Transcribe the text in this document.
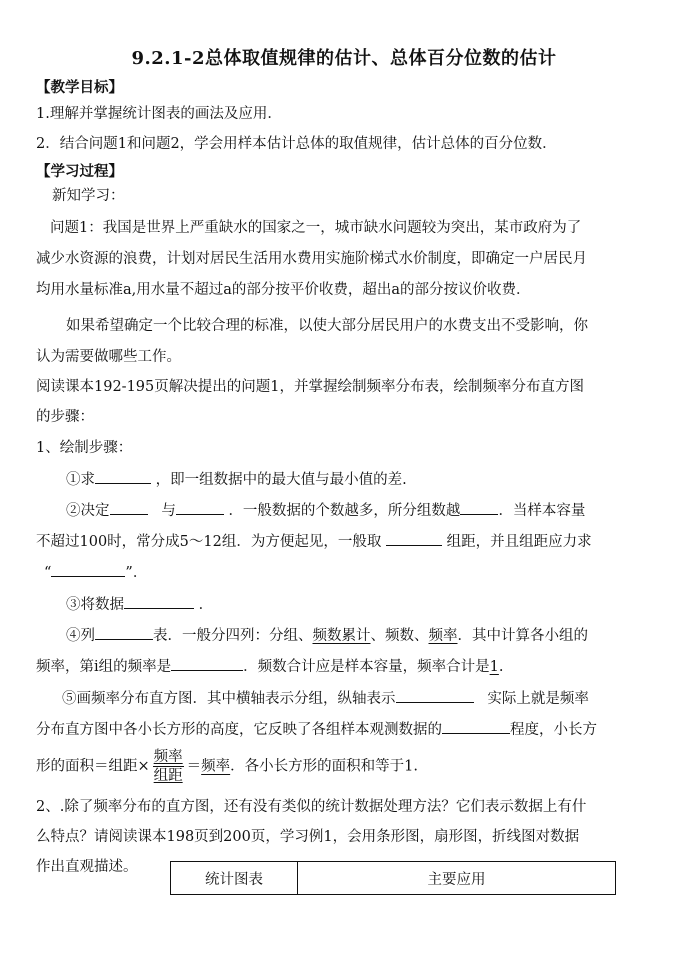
9.2.1-2总体取值规律的估计、总体百分位数的估计
【教学目标】
1.理解并掌握统计图表的画法及应用．
2．结合问题1和问题2，学会用样本估计总体的取值规律，估计总体的百分位数．
【学习过程】
新知学习：
问题1：我国是世界上严重缺水的国家之一，城市缺水问题较为突出，某市政府为了
减少水资源的浪费，计划对居民生活用水费用实施阶梯式水价制度，即确定一户居民月
均用水量标准a,用水量不超过a的部分按平价收费，超出a的部分按议价收费．
如果希望确定一个比较合理的标准，以使大部分居民用户的水费支出不受影响，你
认为需要做哪些工作。
阅读课本192-195页解决提出的问题1，并掌握绘制频率分布表，绘制频率分布直方图
的步骤：
1、绘制步骤：
①求	，即一组数据中的最大值与最小值的差.
②决定	与	．一般数据的个数越多，所分组数越	．当样本容量
不超过100时，常分成5～12组．为方便起见，一般取	组距，并且组距应力求
“	”．
③将数据	．
④列	表．一般分四列：分组、频数累计、频数、频率．其中计算各小组的
频率，第i组的频率是	．频数合计应是样本容量，频率合计是1.
⑤画频率分布直方图．其中横轴表示分组，纵轴表示	实际上就是频率
分布直方图中各小长方形的高度，它反映了各组样本观测数据的	程度，小长方
形的面积＝组距× $\frac{\text{频率}}{\text{组距}}$ ＝频率．各小长方形的面积和等于1.
2、.除了频率分布的直方图，还有没有类似的统计数据处理方法？它们表示数据上有什
么特点？请阅读课本198页到200页，学习例1，会用条形图，扇形图，折线图对数据
作出直观描述。
统计图表	主要应用
